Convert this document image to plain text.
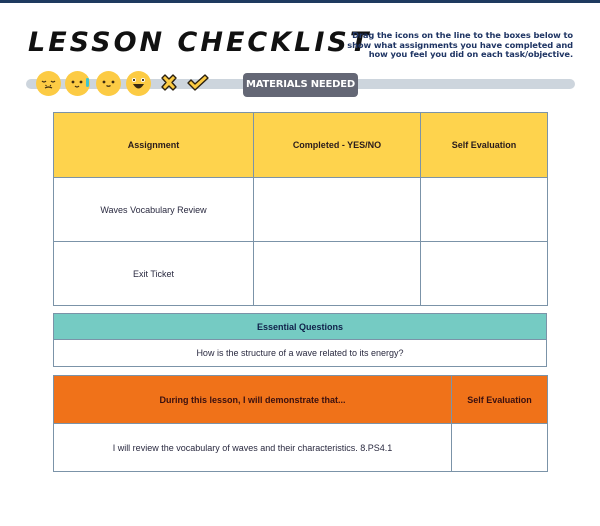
LESSON CHECKLIST

Drag the icons on the line to the boxes below to show what assignments you have completed and how you feel you did on each task/objective.

MATERIALS NEEDED
Assignment	Completed - YES/NO	Self Evaluation
Waves Vocabulary Review		
Exit Ticket		
Essential Questions
How is the structure of a wave related to its energy?
During this lesson, I will demonstrate that...	Self Evaluation
I will review the vocabulary of waves and their characteristics. 8.PS4.1	
